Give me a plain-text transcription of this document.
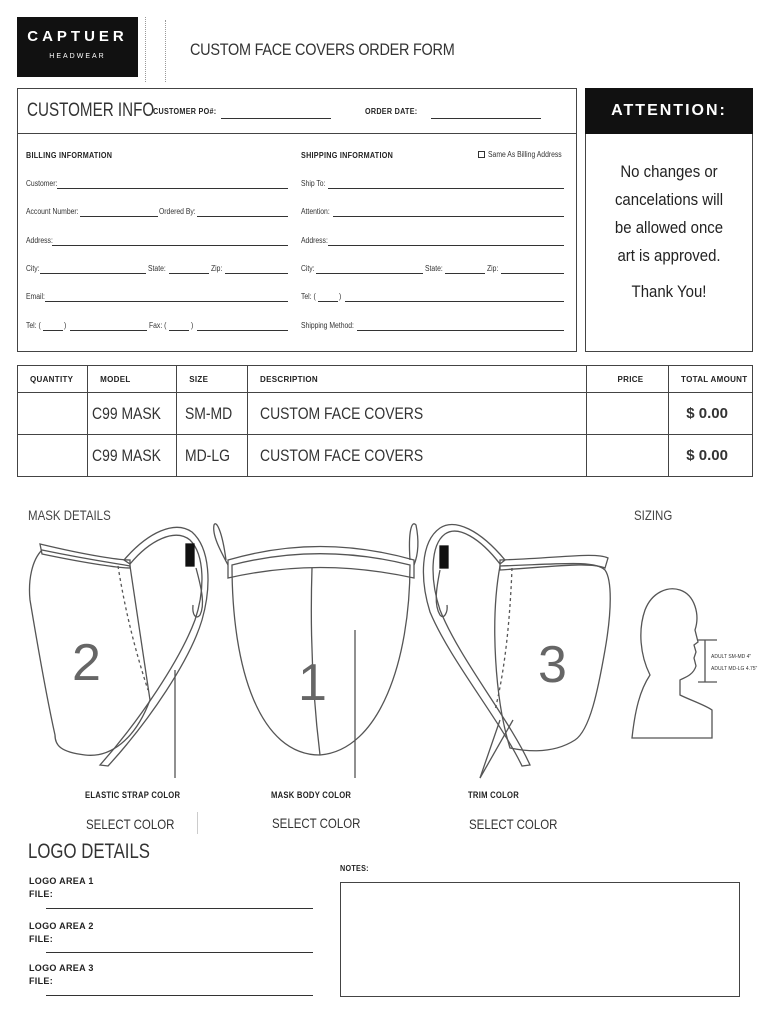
CAPTUER
HEADWEAR	CUSTOM FACE COVERS ORDER FORM
CUSTOMER INFO
CUSTOMER PO#:	ORDER DATE:
BILLING INFORMATION
Customer:
Account Number:	Ordered By:
Address:
City:	State:	Zip:
Email:
Tel: (	)	Fax: (	)
SHIPPING INFORMATION	Same As Billing Address
Ship To:
Attention:
Address:
City:	State:	Zip:
Tel: (	)
Shipping Method:
ATTENTION:
No changes or
cancelations will
be allowed once
art is approved.
Thank You!
QUANTITY	MODEL	SIZE	DESCRIPTION	PRICE	TOTAL AMOUNT
	C99 MASK	SM-MD	CUSTOM FACE COVERS		$ 0.00
	C99 MASK	MD-LG	CUSTOM FACE COVERS		$ 0.00
MASK DETAILS	SIZING
2	1	3	ADULT SM-MD 4"
ADULT MD-LG 4.75"
ELASTIC STRAP COLOR	MASK BODY COLOR	TRIM COLOR
SELECT COLOR	SELECT COLOR	SELECT COLOR
LOGO DETAILS
LOGO AREA 1
FILE:
LOGO AREA 2
FILE:
LOGO AREA 3
FILE:
NOTES:
